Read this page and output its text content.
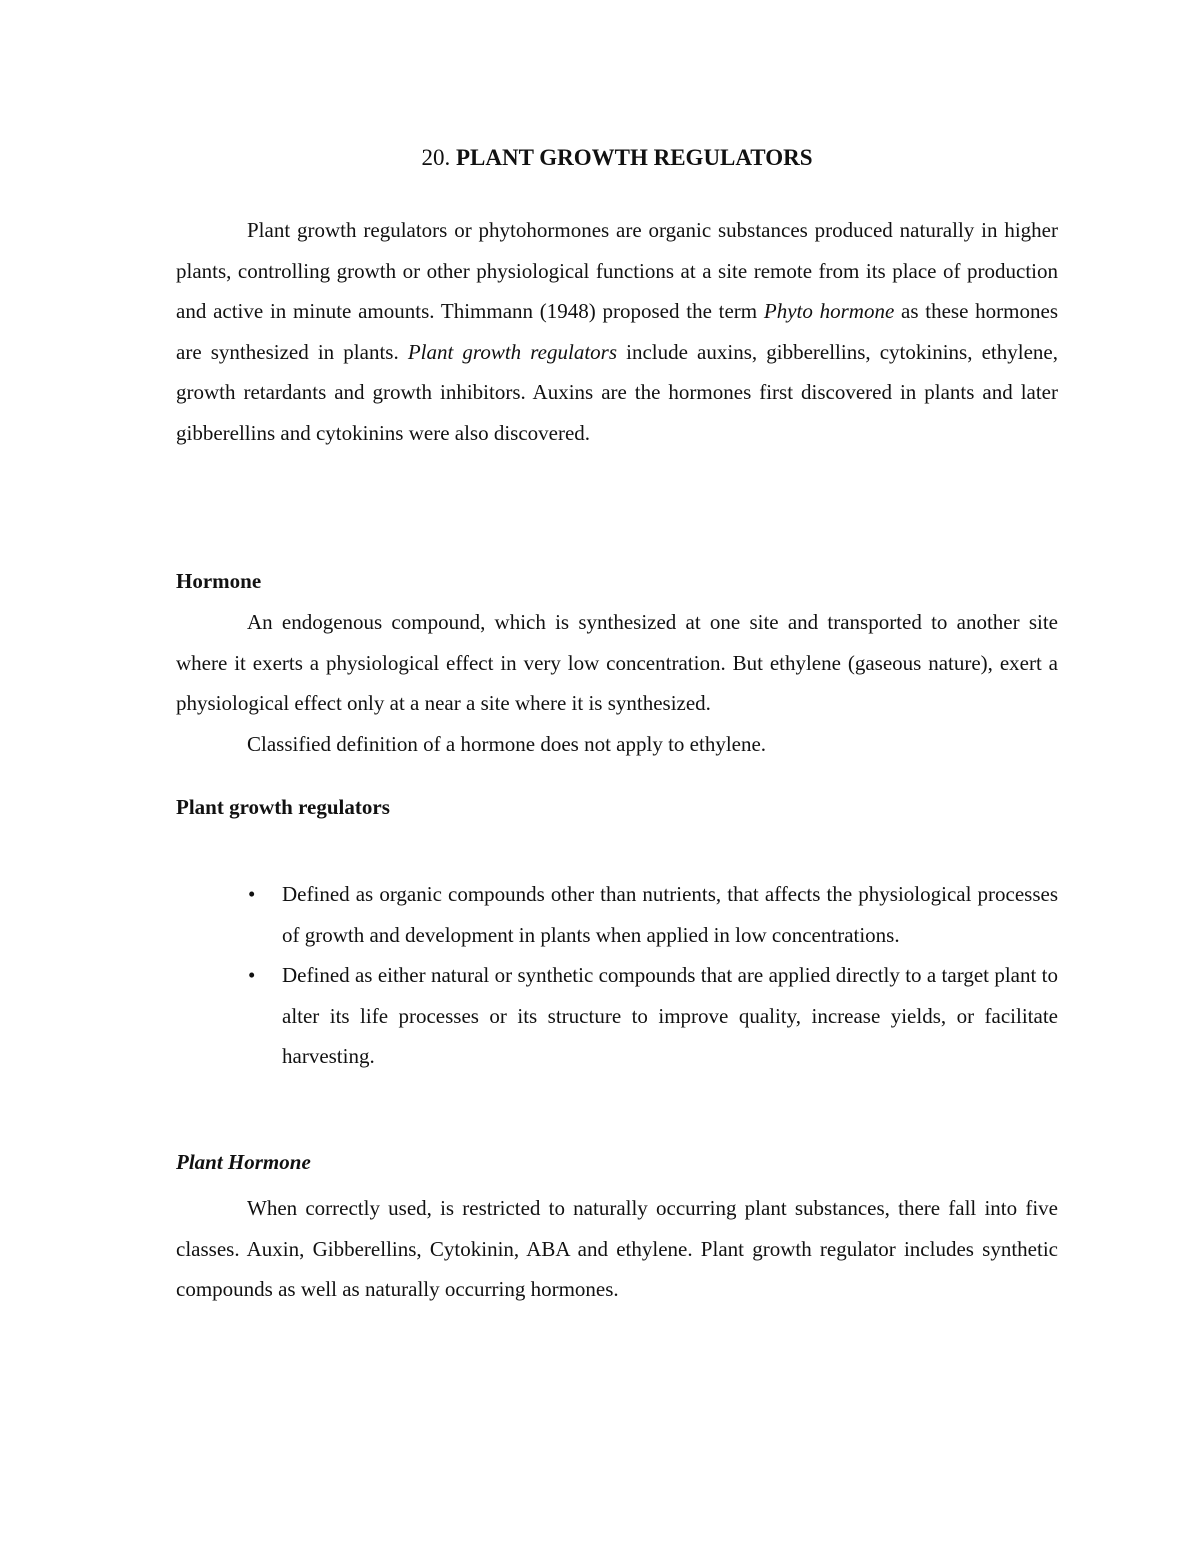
20. PLANT GROWTH REGULATORS

Plant growth regulators or phytohormones are organic substances produced naturally in higher plants, controlling growth or other physiological functions at a site remote from its place of production and active in minute amounts. Thimmann (1948) proposed the term Phyto hormone as these hormones are synthesized in plants. Plant growth regulators include auxins, gibberellins, cytokinins, ethylene, growth retardants and growth inhibitors. Auxins are the hormones first discovered in plants and later gibberellins and cytokinins were also discovered.

Hormone

An endogenous compound, which is synthesized at one site and transported to another site where it exerts a physiological effect in very low concentration. But ethylene (gaseous nature), exert a physiological effect only at a near a site where it is synthesized.

Classified definition of a hormone does not apply to ethylene.

Plant growth regulators
• Defined as organic compounds other than nutrients, that affects the physiological processes of growth and development in plants when applied in low concentrations.
• Defined as either natural or synthetic compounds that are applied directly to a target plant to alter its life processes or its structure to improve quality, increase yields, or facilitate harvesting.
Plant Hormone

When correctly used, is restricted to naturally occurring plant substances, there fall into five classes. Auxin, Gibberellins, Cytokinin, ABA and ethylene. Plant growth regulator includes synthetic compounds as well as naturally occurring hormones.
